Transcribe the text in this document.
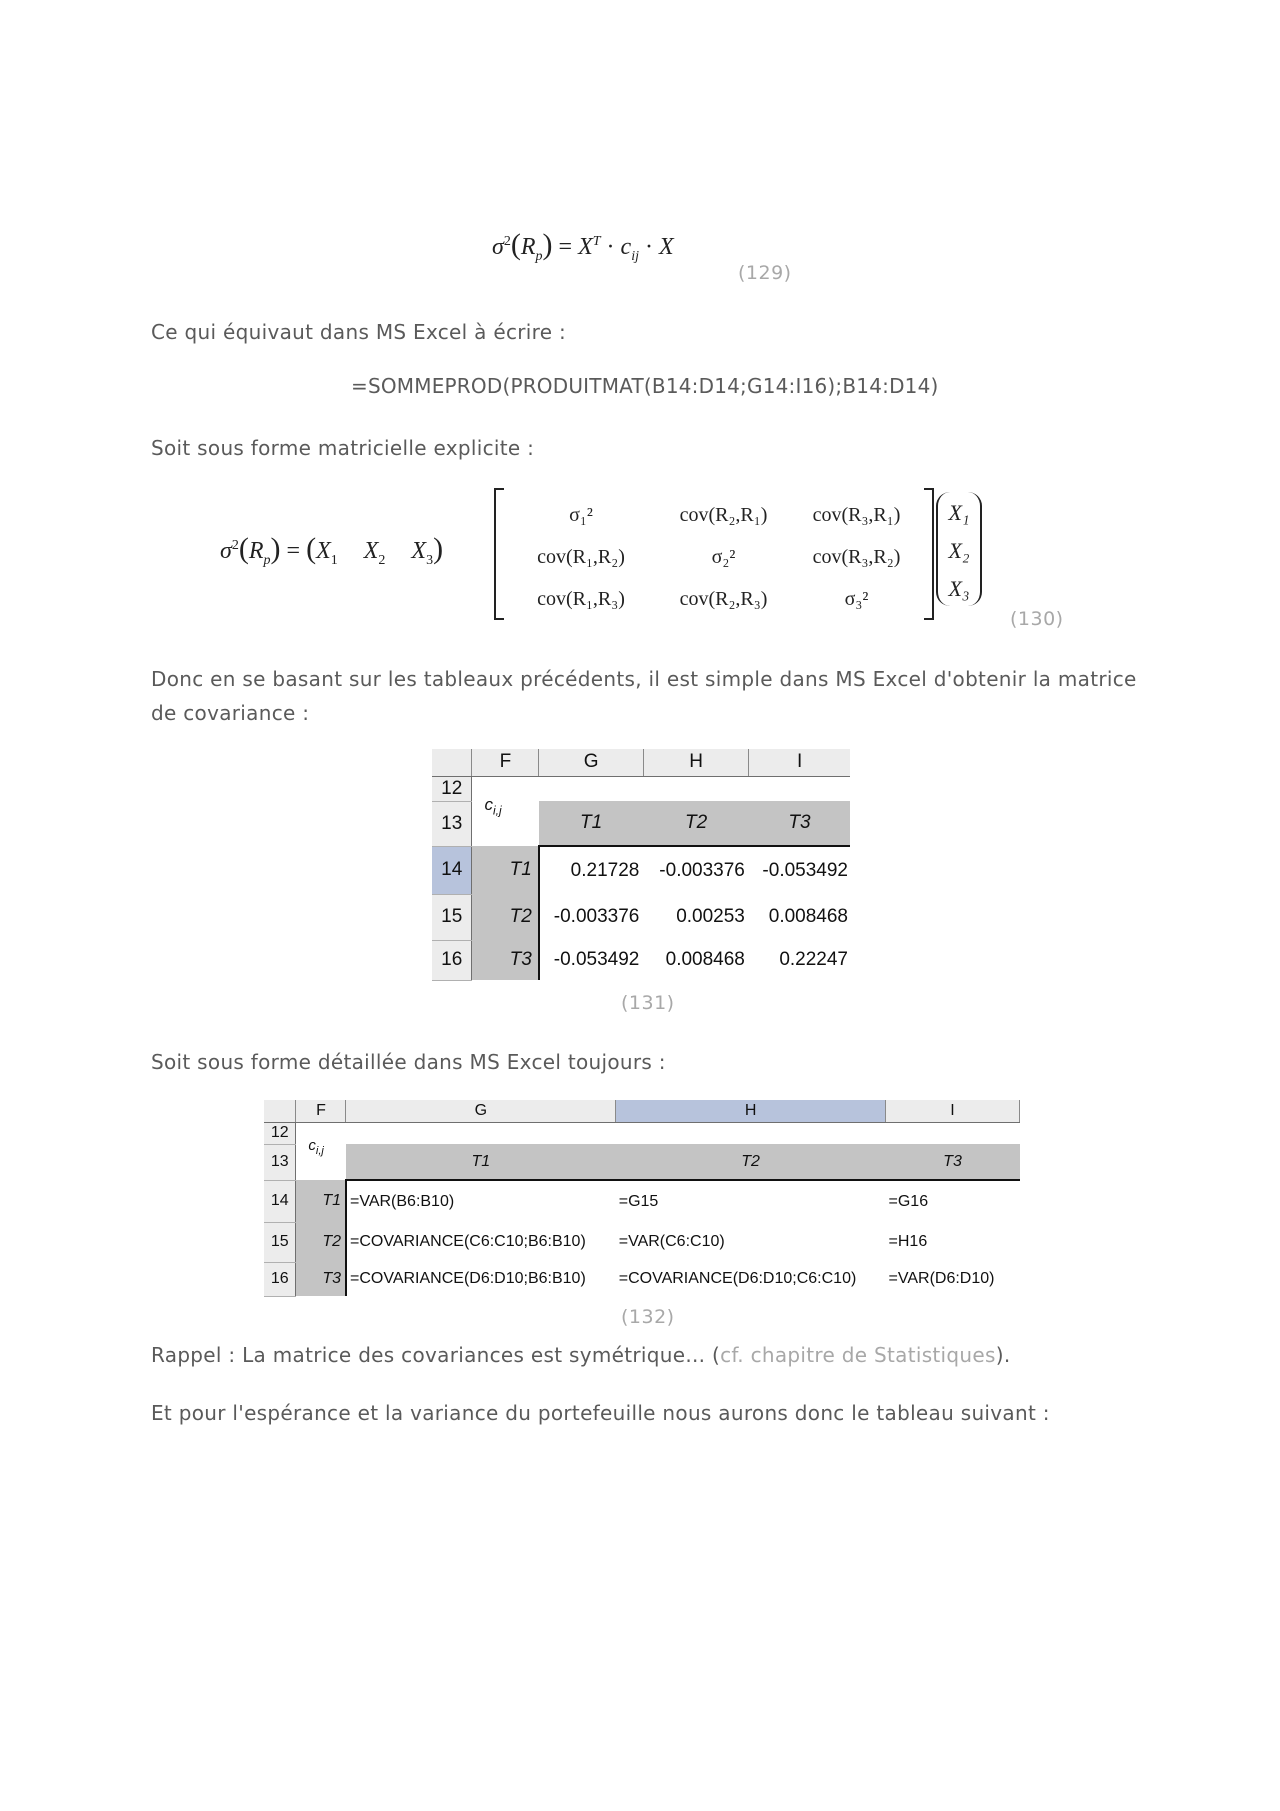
$\sigma^2(R_p) = X^T \cdot c_{ij} \cdot X$
(129)
Ce qui équivaut dans MS Excel à écrire :
=SOMMEPROD(PRODUITMAT(B14:D14;G14:I16);B14:D14)
Soit sous forme matricielle explicite :
$\sigma^2(R_p) = (X_1$ $X_2$ $X_3$)
σ₁²	cov(R₂,R₁)	cov(R₃,R₁)
cov(R₁,R₂)	σ₂²	cov(R₃,R₂)
cov(R₁,R₃)	cov(R₂,R₃)	σ₃²
X₁
X₂
X₃
(130)
Donc en se basant sur les tableaux précédents, il est simple dans MS Excel d'obtenir la matrice
de covariance :
	F	G	H	I
12	$c_{i,j}$			
13		T1	T2	T3
14	T1	0.21728	-0.003376	-0.053492
15	T2	-0.003376	0.00253	0.008468
16	T3	-0.053492	0.008468	0.22247
(131)
Soit sous forme détaillée dans MS Excel toujours :
	F	G	H	I
12	$c_{i,j}$			
13		T1	T2	T3
14	T1	=VAR(B6:B10)	=G15	=G16
15	T2	=COVARIANCE(C6:C10;B6:B10)	=VAR(C6:C10)	=H16
16	T3	=COVARIANCE(D6:D10;B6:B10)	=COVARIANCE(D6:D10;C6:C10)	=VAR(D6:D10)
(132)
Rappel : La matrice des covariances est symétrique... (cf. chapitre de Statistiques).
Et pour l'espérance et la variance du portefeuille nous aurons donc le tableau suivant :
